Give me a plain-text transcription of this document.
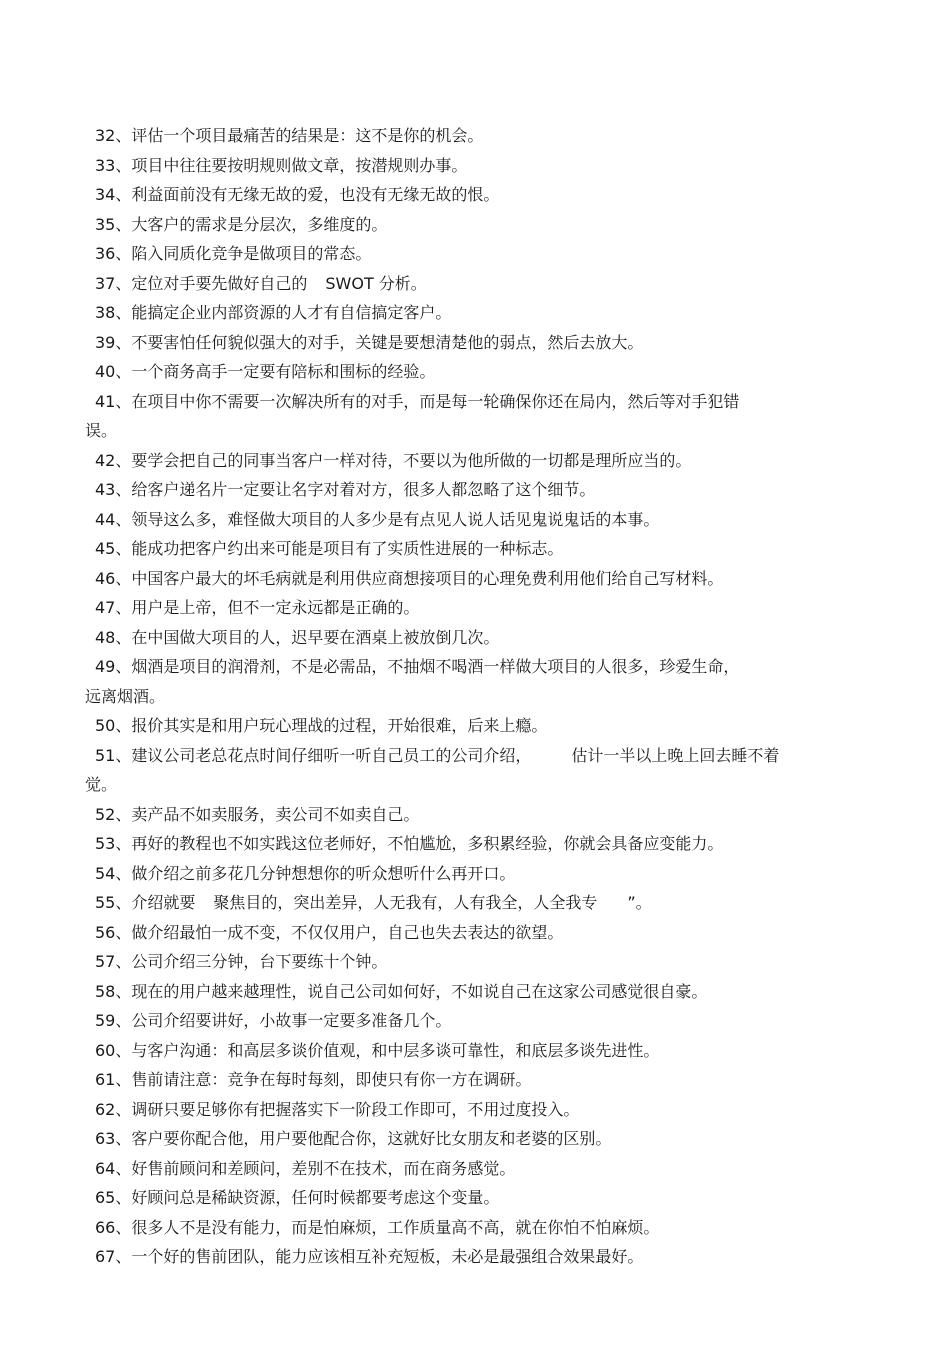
32、评估一个项目最痛苦的结果是：这不是你的机会。
33、项目中往往要按明规则做文章，按潜规则办事。
34、利益面前没有无缘无故的爱，也没有无缘无故的恨。
35、大客户的需求是分层次，多维度的。
36、陷入同质化竞争是做项目的常态。
37、定位对手要先做好自己的 SWOT 分析。
38、能搞定企业内部资源的人才有自信搞定客户。
39、不要害怕任何貌似强大的对手，关键是要想清楚他的弱点，然后去放大。
40、一个商务高手一定要有陪标和围标的经验。
41、在项目中你不需要一次解决所有的对手，而是每一轮确保你还在局内，然后等对手犯错
误。
42、要学会把自己的同事当客户一样对待，不要以为他所做的一切都是理所应当的。
43、给客户递名片一定要让名字对着对方，很多人都忽略了这个细节。
44、领导这么多，难怪做大项目的人多少是有点见人说人话见鬼说鬼话的本事。
45、能成功把客户约出来可能是项目有了实质性进展的一种标志。
46、中国客户最大的坏毛病就是利用供应商想接项目的心理免费利用他们给自己写材料。
47、用户是上帝，但不一定永远都是正确的。
48、在中国做大项目的人，迟早要在酒桌上被放倒几次。
49、烟酒是项目的润滑剂，不是必需品，不抽烟不喝酒一样做大项目的人很多，珍爱生命，
远离烟酒。
50、报价其实是和用户玩心理战的过程，开始很难，后来上瘾。
51、建议公司老总花点时间仔细听一听自己员工的公司介绍，	估计一半以上晚上回去睡不着
觉。
52、卖产品不如卖服务，卖公司不如卖自己。
53、再好的教程也不如实践这位老师好，不怕尴尬，多积累经验，你就会具备应变能力。
54、做介绍之前多花几分钟想想你的听众想听什么再开口。
55、介绍就要 聚焦目的，突出差异，人无我有，人有我全，人全我专 ”。
56、做介绍最怕一成不变，不仅仅用户，自己也失去表达的欲望。
57、公司介绍三分钟，台下要练十个钟。
58、现在的用户越来越理性，说自己公司如何好，不如说自己在这家公司感觉很自豪。
59、公司介绍要讲好，小故事一定要多准备几个。
60、与客户沟通：和高层多谈价值观，和中层多谈可靠性，和底层多谈先进性。
61、售前请注意：竞争在每时每刻，即使只有你一方在调研。
62、调研只要足够你有把握落实下一阶段工作即可，不用过度投入。
63、客户要你配合他，用户要他配合你，这就好比女朋友和老婆的区别。
64、好售前顾问和差顾问，差别不在技术，而在商务感觉。
65、好顾问总是稀缺资源，任何时候都要考虑这个变量。
66、很多人不是没有能力，而是怕麻烦，工作质量高不高，就在你怕不怕麻烦。
67、一个好的售前团队，能力应该相互补充短板，未必是最强组合效果最好。
